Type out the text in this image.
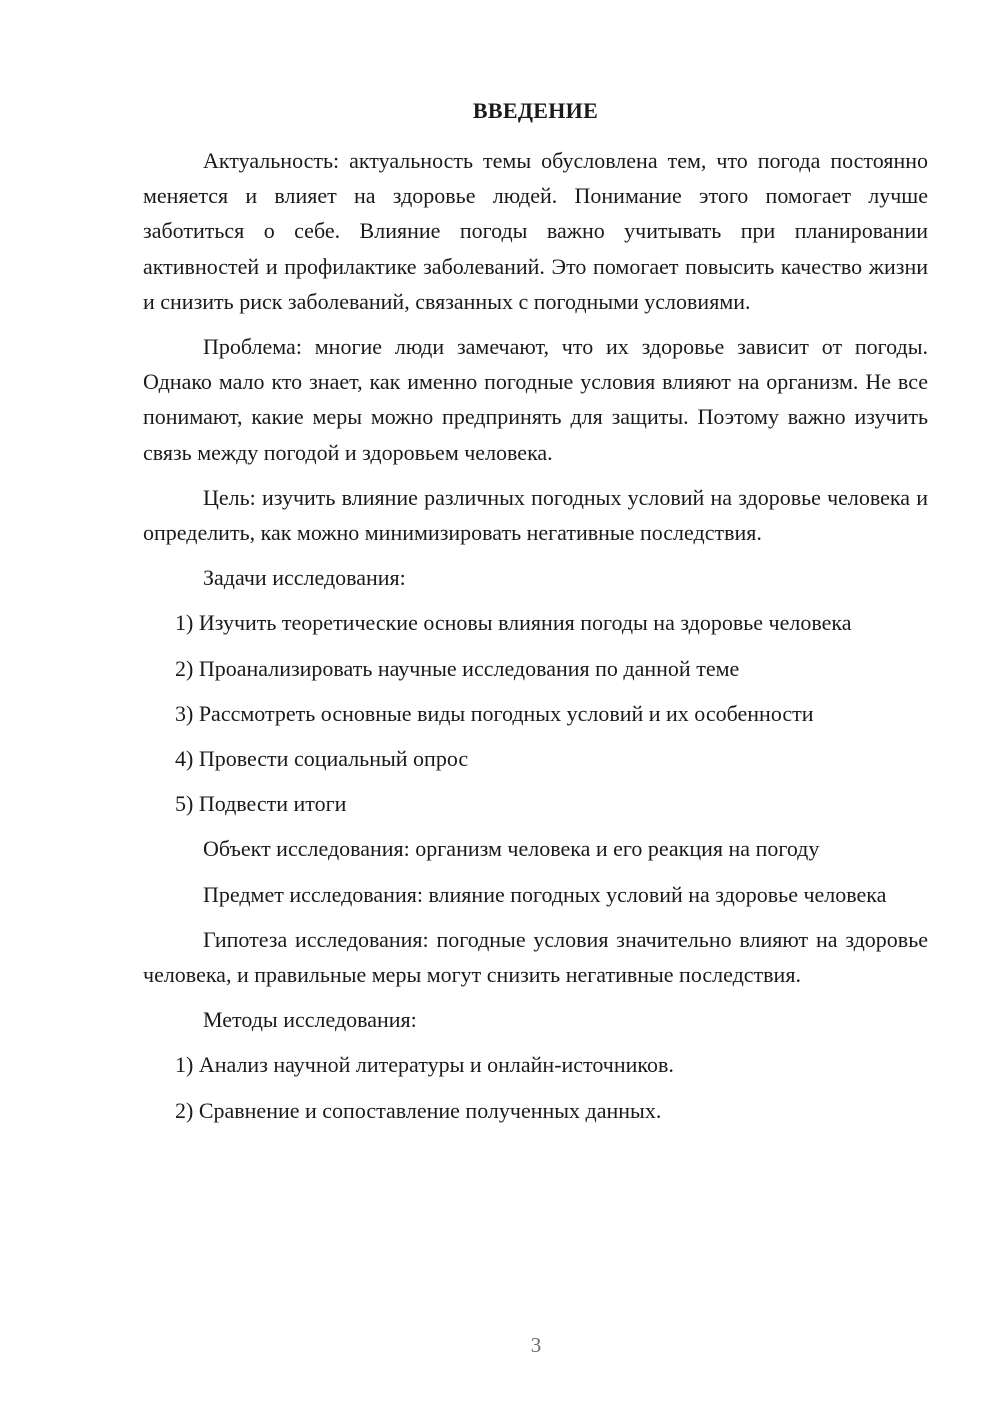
ВВЕДЕНИЕ

Актуальность: актуальность темы обусловлена тем, что погода постоянно меняется и влияет на здоровье людей. Понимание этого помогает лучше заботиться о себе. Влияние погоды важно учитывать при планировании активностей и профилактике заболеваний. Это помогает повысить качество жизни и снизить риск заболеваний, связанных с погодными условиями.

Проблема: многие люди замечают, что их здоровье зависит от погоды. Однако мало кто знает, как именно погодные условия влияют на организм. Не все понимают, какие меры можно предпринять для защиты. Поэтому важно изучить связь между погодой и здоровьем человека.

Цель: изучить влияние различных погодных условий на здоровье человека и определить, как можно минимизировать негативные последствия.

Задачи исследования:

1) Изучить теоретические основы влияния погоды на здоровье человека

2) Проанализировать научные исследования по данной теме

3) Рассмотреть основные виды погодных условий и их особенности

4) Провести социальный опрос

5) Подвести итоги

Объект исследования: организм человека и его реакция на погоду

Предмет исследования: влияние погодных условий на здоровье человека

Гипотеза исследования: погодные условия значительно влияют на здоровье человека, и правильные меры могут снизить негативные последствия.

Методы исследования:

1) Анализ научной литературы и онлайн-источников.

2) Сравнение и сопоставление полученных данных.

3
